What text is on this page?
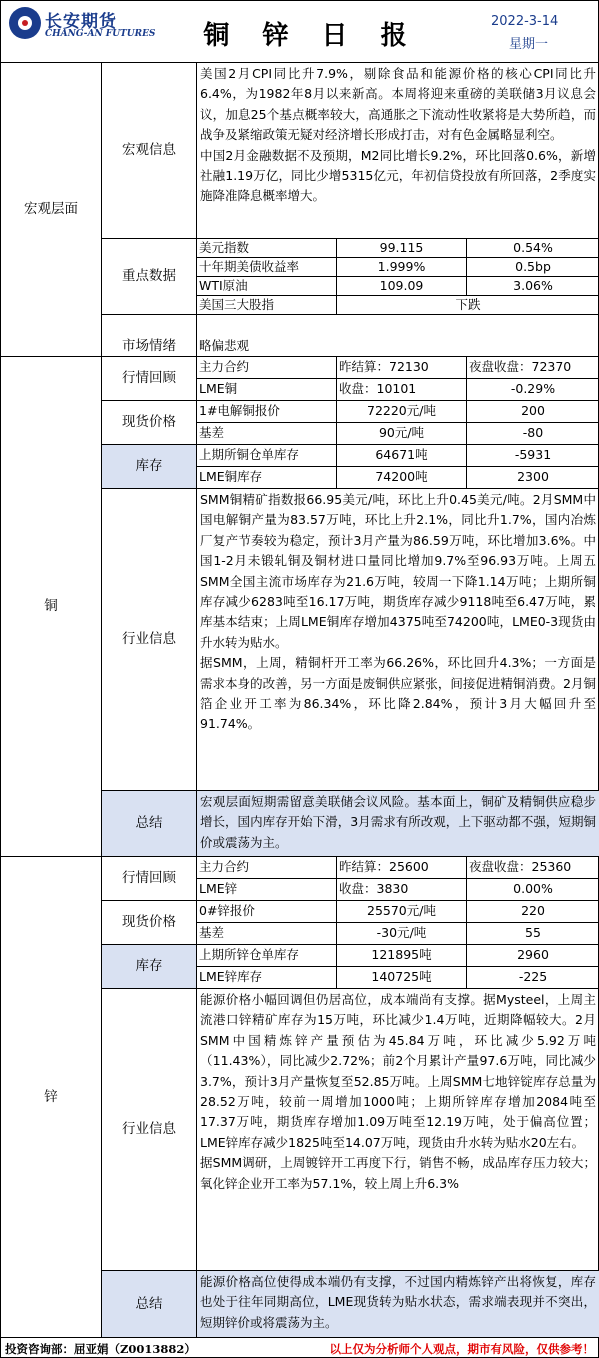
长安期货
CHANG-AN FUTURES 铜 锌 日 报	2022-3-14
星期一
宏观层面
宏观信息
美国2月CPI同比升7.9%，剔除食品和能源价格的核心CPI同比升6.4%，为1982年8月以来新高。本周将迎来重磅的美联储3月议息会议，加息25个基点概率较大，高通胀之下流动性收紧将是大势所趋，而战争及紧缩政策无疑对经济增长形成打击，对有色金属略显利空。
中国2月金融数据不及预期，M2同比增长9.2%，环比回落0.6%，新增社融1.19万亿，同比少增5315亿元，年初信贷投放有所回落，2季度实施降准降息概率增大。
重点数据
美元指数	99.115	0.54%
十年期美债收益率	1.999%	0.5bp
WTI原油	109.09	3.06%
美国三大股指	下跌
市场情绪	略偏悲观
铜
行情回顾
主力合约	昨结算：72130	夜盘收盘：72370
LME铜	收盘：10101	-0.29%
现货价格
1#电解铜报价	72220元/吨	200
基差	90元/吨	-80
库存
上期所铜仓单库存	64671吨	-5931
LME铜库存	74200吨	2300
行业信息
SMM铜精矿指数报66.95美元/吨，环比上升0.45美元/吨。2月SMM中国电解铜产量为83.57万吨，环比上升2.1%，同比升1.7%，国内冶炼厂复产节奏较为稳定，预计3月产量为86.59万吨，环比增加3.6%。中国1-2月未锻轧铜及铜材进口量同比增加9.7%至96.93万吨。上周五SMM全国主流市场库存为21.6万吨，较周一下降1.14万吨；上期所铜库存减少6283吨至16.17万吨，期货库存减少9118吨至6.47万吨，累库基本结束；上周LME铜库存增加4375吨至74200吨，LME0-3现货由升水转为贴水。
据SMM，上周，精铜杆开工率为66.26%，环比回升4.3%；一方面是需求本身的改善，另一方面是废铜供应紧张，间接促进精铜消费。2月铜箔企业开工率为86.34%，环比降2.84%，预计3月大幅回升至91.74%。
总结
宏观层面短期需留意美联储会议风险。基本面上，铜矿及精铜供应稳步增长，国内库存开始下滑，3月需求有所改观，上下驱动都不强，短期铜价或震荡为主。
锌
行情回顾
主力合约	昨结算：25600	夜盘收盘：25360
LME锌	收盘：3830	0.00%
现货价格
0#锌报价	25570元/吨	220
基差	-30元/吨	55
库存
上期所锌仓单库存	121895吨	2960
LME锌库存	140725吨	-225
行业信息
能源价格小幅回调但仍居高位，成本端尚有支撑。据Mysteel，上周主流港口锌精矿库存为15万吨，环比减少1.4万吨，近期降幅较大。2月SMM中国精炼锌产量预估为45.84万吨，环比减少5.92万吨（11.43%），同比减少2.72%；前2个月累计产量97.6万吨，同比减少3.7%，预计3月产量恢复至52.85万吨。上周SMM七地锌锭库存总量为28.52万吨，较前一周增加1000吨；上期所锌库存增加2084吨至17.37万吨，期货库存增加1.09万吨至12.19万吨，处于偏高位置；LME锌库存减少1825吨至14.07万吨，现货由升水转为贴水20左右。
据SMM调研，上周镀锌开工再度下行，销售不畅，成品库存压力较大；氧化锌企业开工率为57.1%，较上周上升6.3%
总结
能源价格高位使得成本端仍有支撑，不过国内精炼锌产出将恢复，库存也处于往年同期高位，LME现货转为贴水状态，需求端表现并不突出，短期锌价或将震荡为主。
投资咨询部：屈亚娟（Z0013882）	以上仅为分析师个人观点，期市有风险，仅供参考！
